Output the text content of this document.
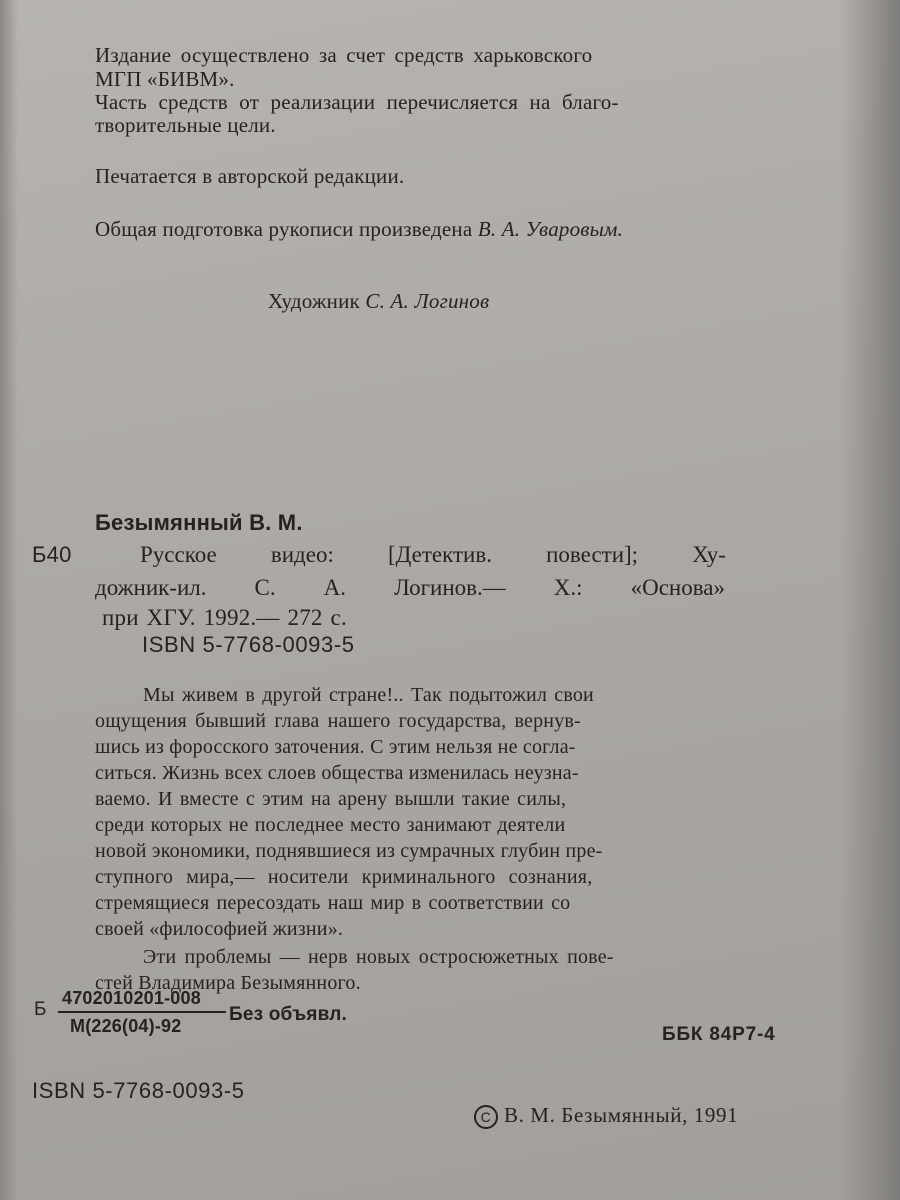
Издание осуществлено за счет средств харьковского
МГП «БИВМ».
Часть средств от реализации перечисляется на благо-
творительные цели.
Печатается в авторской редакции.
Общая подготовка рукописи произведена В. А. Уваровым.
Художник С. А. Логинов
Безымянный В. М.
Б40	Русское видео: [Детектив. повести]; Ху-
дожник-ил. С. А. Логинов.— Х.: «Основа»
при ХГУ. 1992.— 272 с.
ISBN 5-7768-0093-5
Мы живем в другой стране!.. Так подытожил свои
ощущения бывший глава нашего государства, вернув-
шись из форосского заточения. С этим нельзя не согла-
ситься. Жизнь всех слоев общества изменилась неузна-
ваемо. И вместе с этим на арену вышли такие силы,
среди которых не последнее место занимают деятели
новой экономики, поднявшиеся из сумрачных глубин пре-
ступного мира,— носители криминального сознания,
стремящиеся пересоздать наш мир в соответствии со
своей «философией жизни».
Эти проблемы — нерв новых остросюжетных пове-
стей Владимира Безымянного.
Б
4702010201-008
М(226(04)-92
Без объявл.
ББК 84Р7-4
ISBN 5-7768-0093-5
C В. М. Безымянный, 1991
